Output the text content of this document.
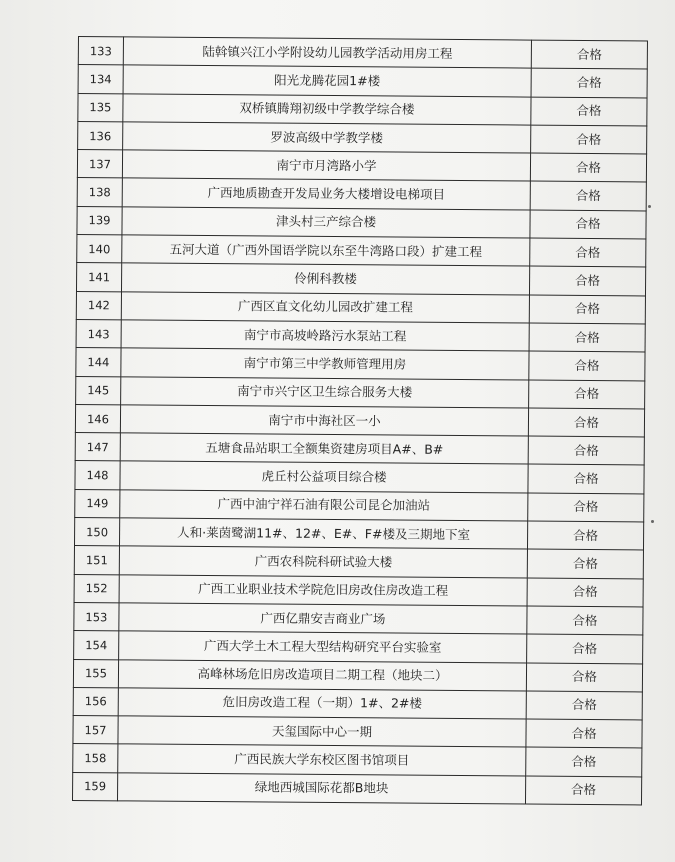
133	陆斡镇兴江小学附设幼儿园教学活动用房工程	合格
134	阳光龙腾花园1#楼	合格
135	双桥镇腾翔初级中学教学综合楼	合格
136	罗波高级中学教学楼	合格
137	南宁市月湾路小学	合格
138	广西地质勘查开发局业务大楼增设电梯项目	合格
139	津头村三产综合楼	合格
140	五河大道（广西外国语学院以东至牛湾路口段）扩建工程	合格
141	伶俐科教楼	合格
142	广西区直文化幼儿园改扩建工程	合格
143	南宁市高坡岭路污水泵站工程	合格
144	南宁市第三中学教师管理用房	合格
145	南宁市兴宁区卫生综合服务大楼	合格
146	南宁市中海社区一小	合格
147	五塘食品站职工全额集资建房项目A#、B#	合格
148	虎丘村公益项目综合楼	合格
149	广西中油宁祥石油有限公司昆仑加油站	合格
150	人和·莱茵鹭湖11#、12#、E#、F#楼及三期地下室	合格
151	广西农科院科研试验大楼	合格
152	广西工业职业技术学院危旧房改住房改造工程	合格
153	广西亿鼎安吉商业广场	合格
154	广西大学土木工程大型结构研究平台实验室	合格
155	高峰林场危旧房改造项目二期工程（地块二）	合格
156	危旧房改造工程（一期）1#、2#楼	合格
157	天玺国际中心一期	合格
158	广西民族大学东校区图书馆项目	合格
159	绿地西城国际花都B地块	合格
